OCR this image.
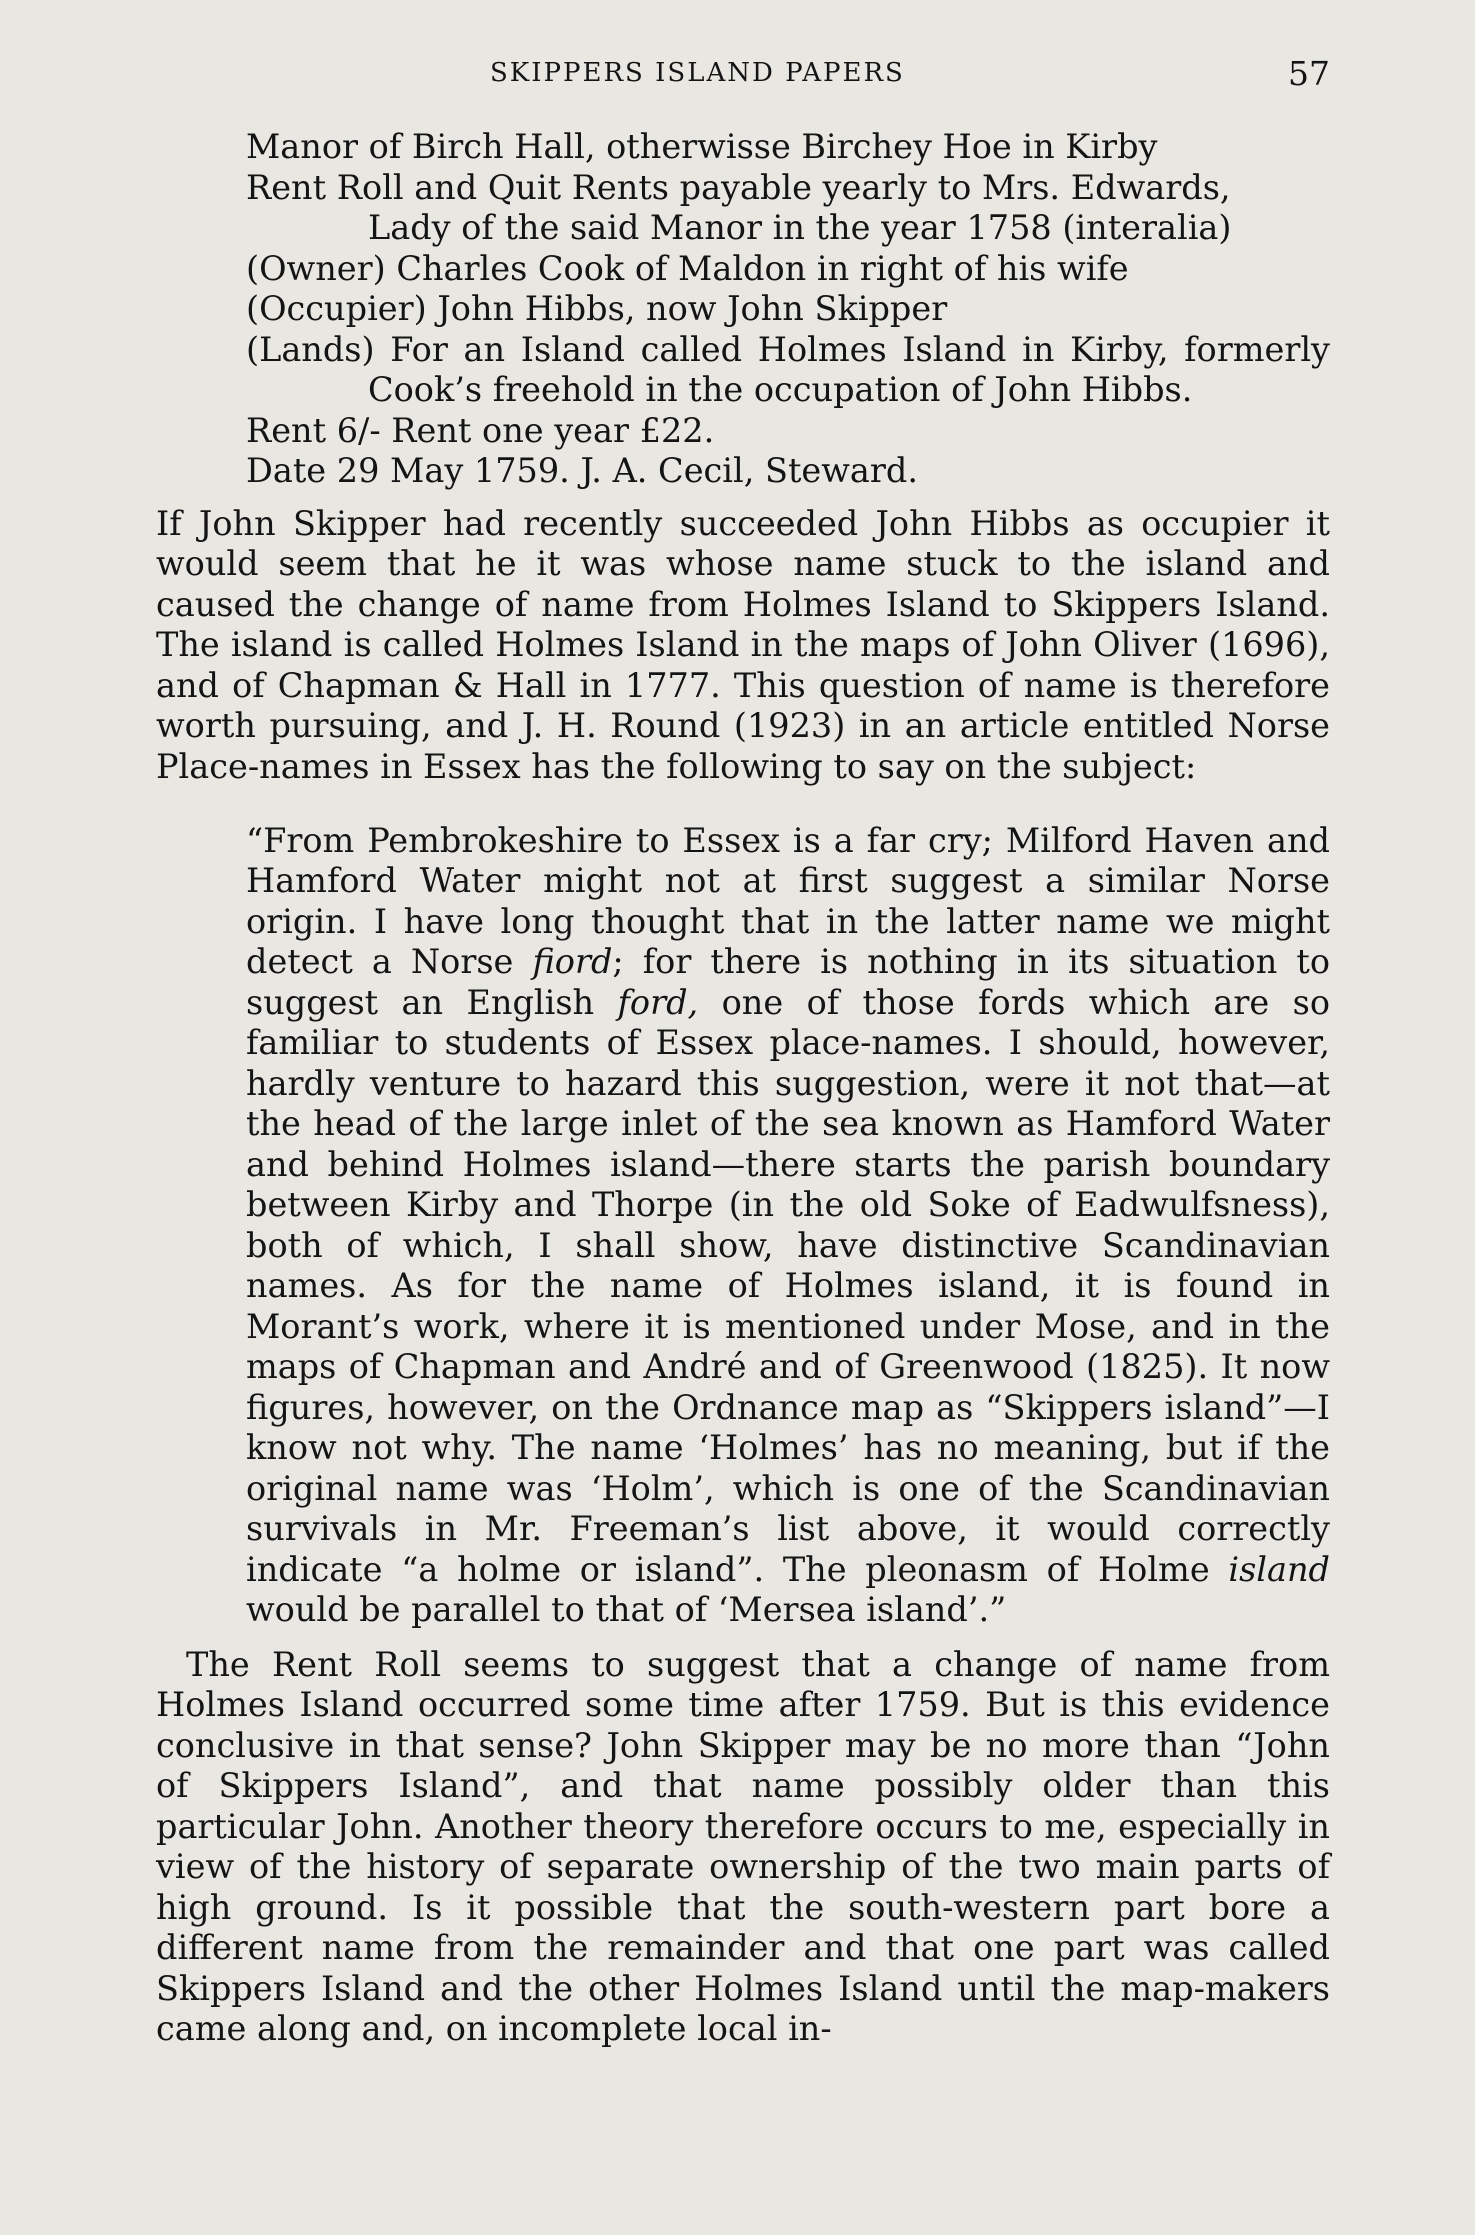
SKIPPERS ISLAND PAPERS	57
Manor of Birch Hall, otherwisse Birchey Hoe in Kirby
Rent Roll and Quit Rents payable yearly to Mrs. Edwards,
Lady of the said Manor in the year 1758 (interalia)
(Owner) Charles Cook of Maldon in right of his wife
(Occupier) John Hibbs, now John Skipper
(Lands) For an Island called Holmes Island in Kirby, formerly Cook’s freehold in the occupation of John Hibbs.
Rent 6/- Rent one year £22.
Date 29 May 1759. J. A. Cecil, Steward.

If John Skipper had recently succeeded John Hibbs as occupier it would seem that he it was whose name stuck to the island and caused the change of name from Holmes Island to Skippers Island. The island is called Holmes Island in the maps of John Oliver (1696), and of Chapman & Hall in 1777. This question of name is therefore worth pursuing, and J. H. Round (1923) in an article entitled Norse Place-names in Essex has the following to say on the subject:

“From Pembrokeshire to Essex is a far cry; Milford Haven and Hamford Water might not at first suggest a similar Norse origin. I have long thought that in the latter name we might detect a Norse fiord; for there is nothing in its situation to suggest an English ford, one of those fords which are so familiar to students of Essex place-names. I should, however, hardly venture to hazard this suggestion, were it not that—at the head of the large inlet of the sea known as Hamford Water and behind Holmes island—there starts the parish boundary between Kirby and Thorpe (in the old Soke of Eadwulfsness), both of which, I shall show, have distinctive Scandinavian names. As for the name of Holmes island, it is found in Morant’s work, where it is mentioned under Mose, and in the maps of Chapman and André and of Greenwood (1825). It now figures, however, on the Ordnance map as “Skippers island”—I know not why. The name ‘Holmes’ has no meaning, but if the original name was ‘Holm’, which is one of the Scandinavian survivals in Mr. Freeman’s list above, it would correctly indicate “a holme or island”. The pleonasm of Holme island would be parallel to that of ‘Mersea island’.”

The Rent Roll seems to suggest that a change of name from Holmes Island occurred some time after 1759. But is this evidence conclusive in that sense? John Skipper may be no more than “John of Skippers Island”, and that name possibly older than this particular John. Another theory therefore occurs to me, especially in view of the history of separate ownership of the two main parts of high ground. Is it possible that the south-western part bore a different name from the remainder and that one part was called Skippers Island and the other Holmes Island until the map-makers came along and, on incomplete local in-
